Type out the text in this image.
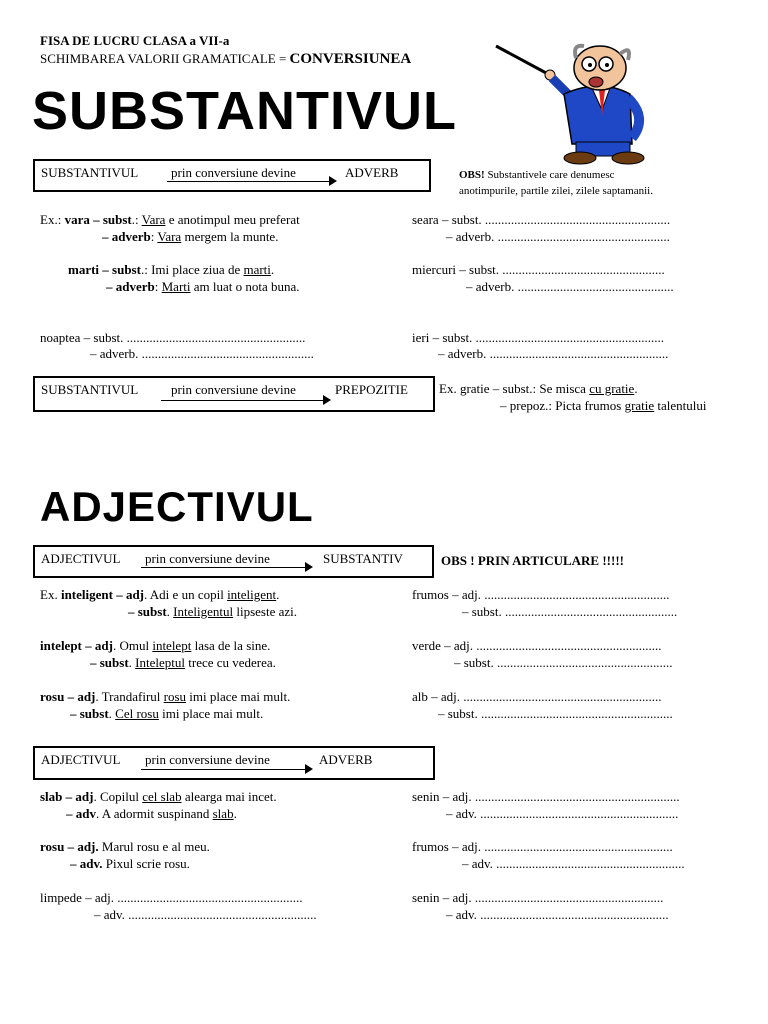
FISA DE LUCRU CLASA a VII-a
SCHIMBAREA VALORII GRAMATICALE = CONVERSIUNEA
SUBSTANTIVUL
SUBSTANTIVUL	prin conversiune devine	ADVERB	OBS! Substantivele care denumesc
anotimpurile, partile zilei, zilele saptamanii.
Ex.: vara – subst.: Vara e anotimpul meu preferat
– adverb: Vara mergem la munte.
marti – subst.: Imi place ziua de marti.
– adverb: Marti am luat o nota buna.
seara – subst. .........................................................
– adverb. .....................................................
miercuri – subst. ..................................................
– adverb. ................................................
noaptea – subst. .......................................................
– adverb. .....................................................
ieri – subst. ..........................................................
– adverb. .......................................................
SUBSTANTIVUL	prin conversiune devine	PREPOZITIE Ex. gratie – subst.: Se misca cu gratie.
– prepoz.: Picta frumos gratie talentului
ADJECTIVUL
ADJECTIVUL prin conversiune devine	SUBSTANTIV	OBS ! PRIN ARTICULARE !!!!!
Ex. inteligent – adj. Adi e un copil inteligent.
– subst. Inteligentul lipseste azi.
intelept – adj. Omul intelept lasa de la sine.
– subst. Inteleptul trece cu vederea.
rosu – adj. Trandafirul rosu imi place mai mult.
– subst. Cel rosu imi place mai mult.
frumos – adj. .........................................................
– subst. .....................................................
verde – adj. .........................................................
– subst. ......................................................
alb – adj. .............................................................
– subst. ...........................................................
ADJECTIVUL prin conversiune devine	ADVERB
slab – adj. Copilul cel slab alearga mai incet.
– adv. A adormit suspinand slab.
rosu – adj. Marul rosu e al meu.
– adv. Pixul scrie rosu.
limpede – adj. .........................................................
– adv. ..........................................................
senin – adj. ...............................................................
– adv. .............................................................
frumos – adj. ..........................................................
– adv. ..........................................................
senin – adj. ..........................................................
– adv. ..........................................................
